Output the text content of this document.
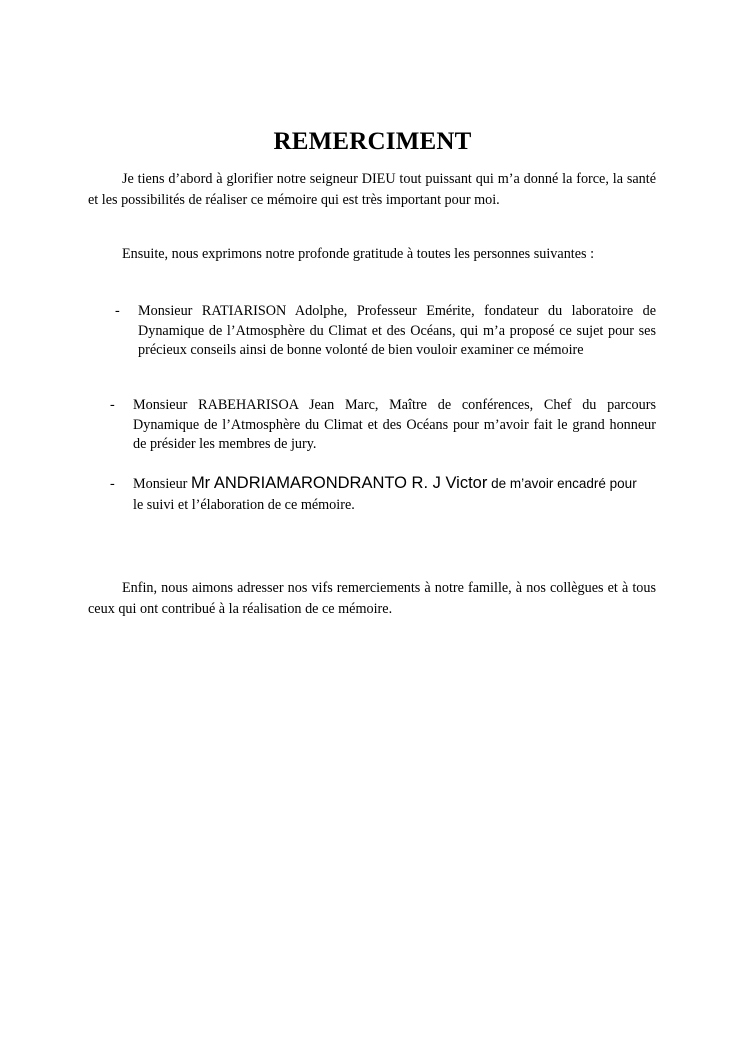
REMERCIMENT

Je tiens d’abord à glorifier notre seigneur DIEU tout puissant qui m’a donné la force, la santé et les possibilités de réaliser ce mémoire qui est très important pour moi.

Ensuite, nous exprimons notre profonde gratitude à toutes les personnes suivantes :

- Monsieur RATIARISON Adolphe, Professeur Emérite, fondateur du laboratoire de Dynamique de l’Atmosphère du Climat et des Océans, qui m’a proposé ce sujet pour ses précieux conseils ainsi de bonne volonté de bien vouloir examiner ce mémoire

- Monsieur RABEHARISOA Jean Marc, Maître de conférences, Chef du parcours Dynamique de l’Atmosphère du Climat et des Océans pour m’avoir fait le grand honneur de présider les membres de jury.

- Monsieur Mr ANDRIAMARONDRANTO R. J Victor de m’avoir encadré pour
le suivi et l’élaboration de ce mémoire.

Enfin, nous aimons adresser nos vifs remerciements à notre famille, à nos collègues et à tous ceux qui ont contribué à la réalisation de ce mémoire.
